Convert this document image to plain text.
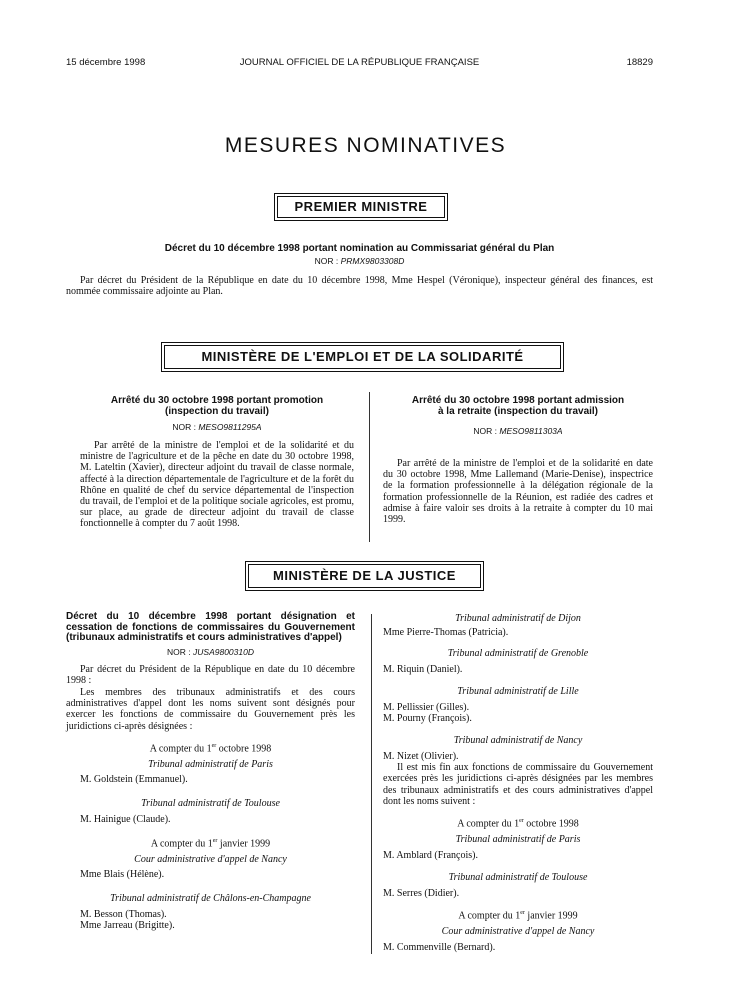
15 décembre 1998	JOURNAL OFFICIEL DE LA RÉPUBLIQUE FRANÇAISE	18829
MESURES NOMINATIVES
PREMIER MINISTRE
Décret du 10 décembre 1998 portant nomination au Commissariat général du Plan
NOR : PRMX9803308D
Par décret du Président de la République en date du 10 décembre 1998, Mme Hespel (Véronique), inspecteur général des finances, est nommée commissaire adjointe au Plan.
MINISTÈRE DE L'EMPLOI ET DE LA SOLIDARITÉ
Arrêté du 30 octobre 1998 portant promotion
(inspection du travail)
NOR : MESO9811295A
Par arrêté de la ministre de l'emploi et de la solidarité et du ministre de l'agriculture et de la pêche en date du 30 octobre 1998, M. Lateltin (Xavier), directeur adjoint du travail de classe normale, affecté à la direction départementale de l'agriculture et de la forêt du Rhône en qualité de chef du service départemental de l'inspection du travail, de l'emploi et de la politique sociale agricoles, est promu, sur place, au grade de directeur adjoint du travail de classe fonctionnelle à compter du 7 août 1998.
Arrêté du 30 octobre 1998 portant admission
à la retraite (inspection du travail)
NOR : MESO9811303A
Par arrêté de la ministre de l'emploi et de la solidarité en date du 30 octobre 1998, Mme Lallemand (Marie-Denise), inspectrice de la formation professionnelle à la délégation régionale de la formation professionnelle de la Réunion, est radiée des cadres et admise à faire valoir ses droits à la retraite à compter du 10 mai 1999.
MINISTÈRE DE LA JUSTICE
Décret du 10 décembre 1998 portant désignation et cessation de fonctions de commissaires du Gouvernement (tribunaux administratifs et cours administratives d'appel)
NOR : JUSA9800310D
Par décret du Président de la République en date du 10 décembre 1998 :
Les membres des tribunaux administratifs et des cours administratives d'appel dont les noms suivent sont désignés pour exercer les fonctions de commissaire du Gouvernement près les juridictions ci-après désignées :
A compter du 1er octobre 1998
Tribunal administratif de Paris
M. Goldstein (Emmanuel).
Tribunal administratif de Toulouse
M. Hainigue (Claude).
A compter du 1er janvier 1999
Cour administrative d'appel de Nancy
Mme Blais (Hélène).
Tribunal administratif de Châlons-en-Champagne
M. Besson (Thomas).
Mme Jarreau (Brigitte).
Tribunal administratif de Dijon
Mme Pierre-Thomas (Patricia).
Tribunal administratif de Grenoble
M. Riquin (Daniel).
Tribunal administratif de Lille
M. Pellissier (Gilles).
M. Pourny (François).
Tribunal administratif de Nancy
M. Nizet (Olivier).
Il est mis fin aux fonctions de commissaire du Gouvernement exercées près les juridictions ci-après désignées par les membres des tribunaux administratifs et des cours administratives d'appel dont les noms suivent :
A compter du 1er octobre 1998
Tribunal administratif de Paris
M. Amblard (François).
Tribunal administratif de Toulouse
M. Serres (Didier).
A compter du 1er janvier 1999
Cour administrative d'appel de Nancy
M. Commenville (Bernard).
